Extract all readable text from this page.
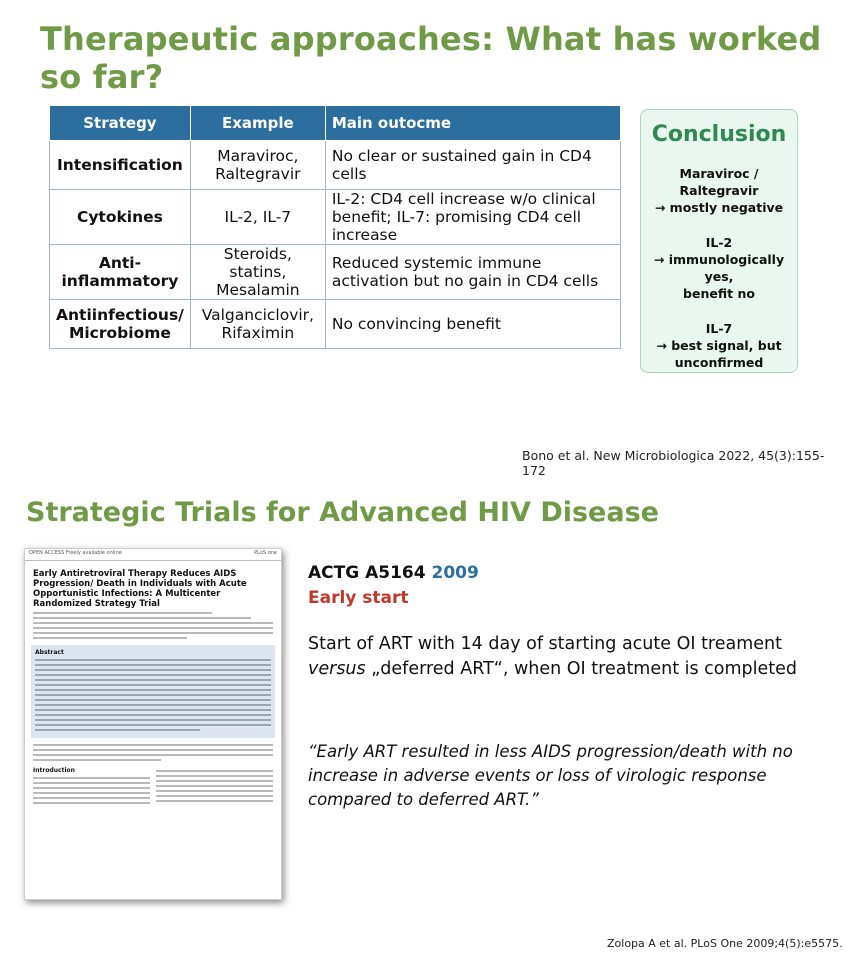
Therapeutic approaches: What has worked so far?
Strategy	Example	Main outocme
Intensification	Maraviroc, Raltegravir	No clear or sustained gain in CD4 cells
Cytokines	IL-2, IL-7	IL-2: CD4 cell increase w/o clinical benefit; IL-7: promising CD4 cell increase
Anti-inflammatory	Steroids, statins, Mesalamin	Reduced systemic immune activation but no gain in CD4 cells
Antiinfectious/ Microbiome	Valganciclovir, Rifaximin	No convincing benefit
Conclusion
Maraviroc / Raltegravir
→ mostly negative
IL-2
→ immunologically yes,
benefit no
IL-7
→ best signal, but
unconfirmed
Bono et al. New Microbiologica 2022, 45(3):155-172
Strategic Trials for Advanced HIV Disease
OPEN ACCESS Freely available online	PLoS one
Early Antiretroviral Therapy Reduces AIDS Progression/ Death in Individuals with Acute Opportunistic Infections: A Multicenter Randomized Strategy Trial
Abstract
Introduction
ACTG A5164 2009
Early start
Start of ART with 14 day of starting acute OI treament
versus „deferred ART“, when OI treatment is completed
“Early ART resulted in less AIDS progression/death with no increase in adverse events or loss of virologic response compared to deferred ART.”
Zolopa A et al. PLoS One 2009;4(5):e5575.
